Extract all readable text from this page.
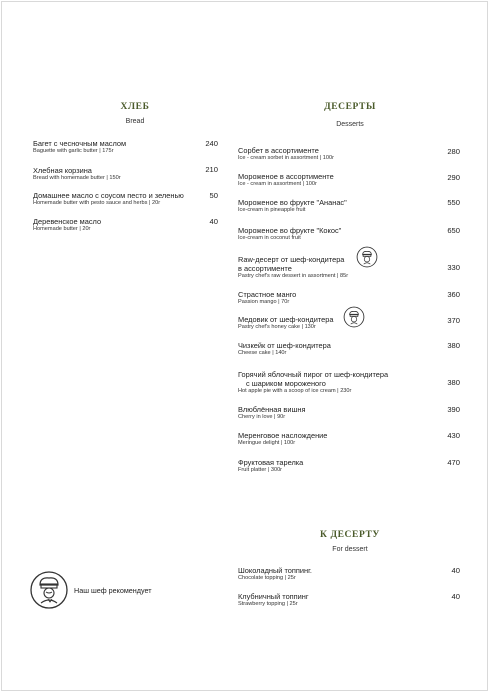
ХЛЕБ
Bread
Багет с чесночным маслом
Baguette with garlic butter | 175г
240
Хлебная корзина
Bread with homemade butter | 150г
210
Домашнее масло с соусом песто и зеленью
Homemade butter with pesto sauce and herbs | 20г
50
Деревенское масло
Homemade butter | 20г
40
ДЕСЕРТЫ
Desserts
Сорбет в ассортименте
Ice - cream sorbet in assortment | 100г
280
Мороженое в ассортименте
Ice - cream in assortment | 100г
290
Мороженое во фрукте "Ананас"
Ice-cream in pineapple fruit
550
Мороженое во фрукте "Кокос"
Ice-cream in coconut fruit
650
Raw-десерт от шеф-кондитера
в ассортименте
Pastry chef's raw dessert in assortment | 85г
330
Страстное манго
Passion mango | 70г
360
Медовик от шеф-кондитера
Pastry chef's honey cake | 130г
370
Чизкейк от шеф-кондитера
Cheese cake | 140г
380
Горячий яблочный пирог от шеф-кондитера
с шариком мороженого
Hot apple pie with a scoop of ice cream | 230г
380
Влюблённая вишня
Cherry in love | 90г
390
Меренговое наслождение
Meringue delight | 100г
430
Фруктовая тарелка
Fruit platter | 300г
470
К ДЕСЕРТУ
For dessert
Шоколадный топпинг.
Chocolate topping | 25г
40
Клубничный топпинг
Strawberry topping | 25г
40
Наш шеф рекомендует
